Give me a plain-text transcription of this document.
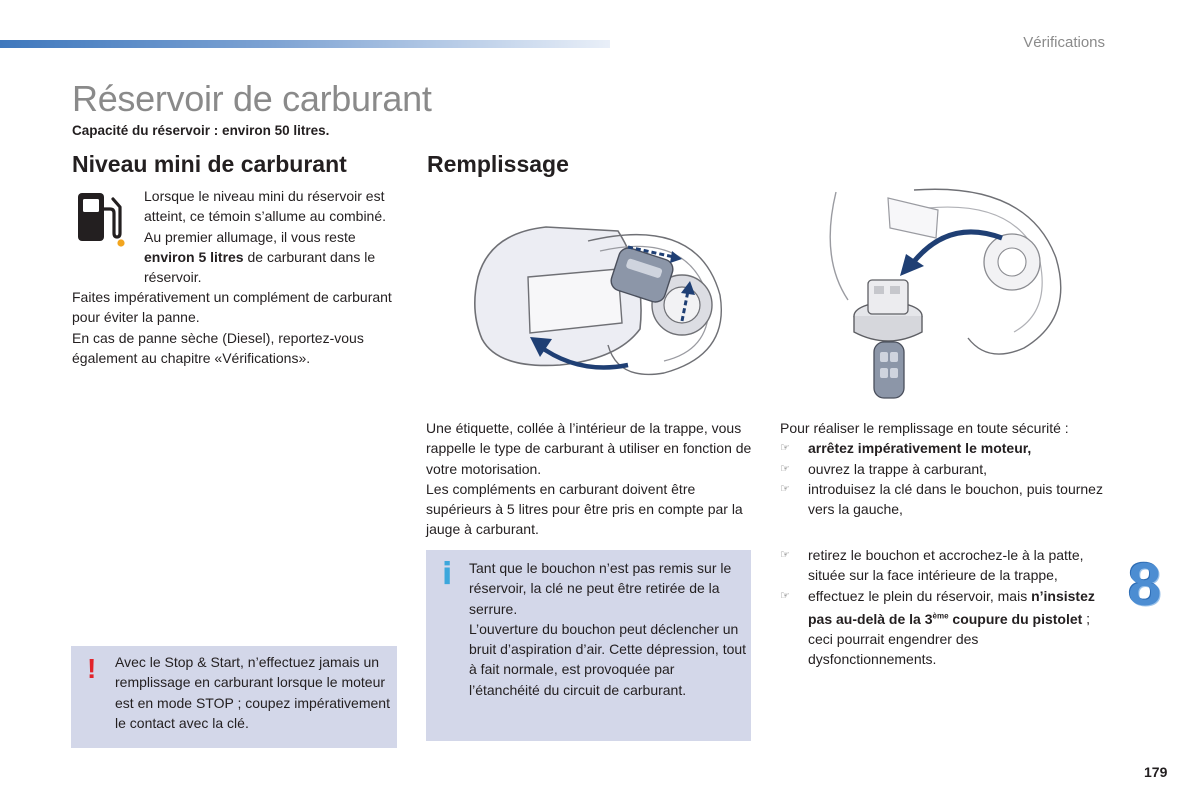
Vérifications
Réservoir de carburant
Capacité du réservoir : environ 50 litres.
Niveau mini de carburant	Remplissage

Lorsque le niveau mini du réservoir est atteint, ce témoin s’allume au combiné. Au premier allumage, il vous reste environ 5 litres de carburant dans le réservoir.

Faites impérativement un complément de carburant pour éviter la panne.

En cas de panne sèche (Diesel), reportez-vous également au chapitre «Vérifications».

! Avec le Stop & Start, n’effectuez jamais un remplissage en carburant lorsque le moteur est en mode STOP ; coupez impérativement le contact avec la clé.

Une étiquette, collée à l’intérieur de la trappe, vous rappelle le type de carburant à utiliser en fonction de votre motorisation.

Les compléments en carburant doivent être supérieurs à 5 litres pour être pris en compte par la jauge à carburant.

i Tant que le bouchon n’est pas remis sur le réservoir, la clé ne peut être retirée de la serrure.

L’ouverture du bouchon peut déclencher un bruit d’aspiration d’air. Cette dépression, tout à fait normale, est provoquée par l’étanchéité du circuit de carburant.

Pour réaliser le remplissage en toute sécurité :

☞ arrêtez impérativement le moteur,
☞ ouvrez la trappe à carburant,
☞ introduisez la clé dans le bouchon, puis tournez vers la gauche,
☞ retirez le bouchon et accrochez-le à la patte, située sur la face intérieure de la trappe,
☞ effectuez le plein du réservoir, mais n’insistez pas au-delà de la 3ème coupure du pistolet ; ceci pourrait engendrer des dysfonctionnements.
8
179
